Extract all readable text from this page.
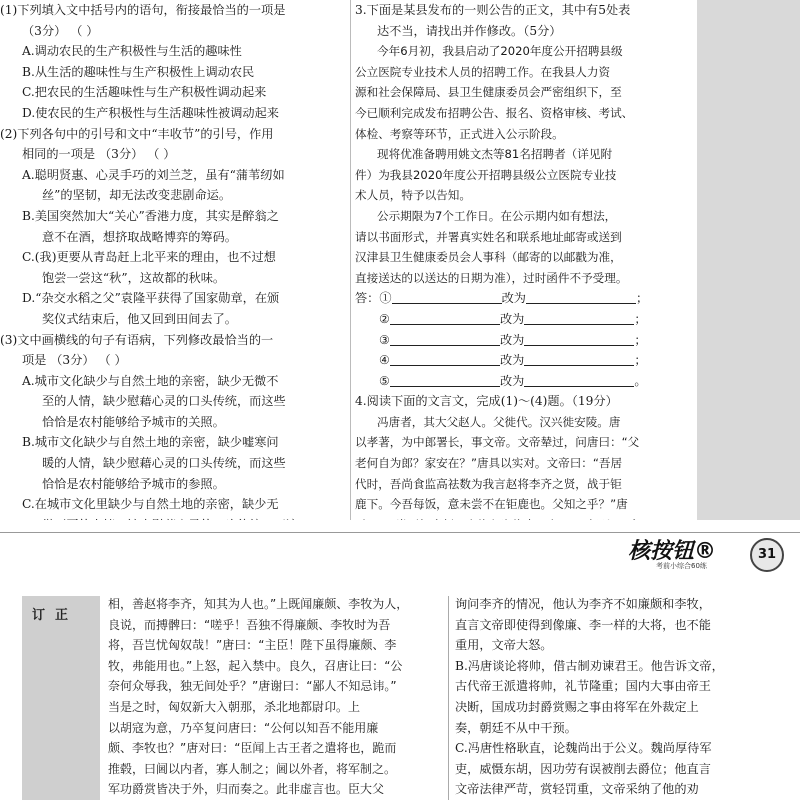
(1)下列填入文中括号内的语句，衔接最恰当的一项是

（3分） （ ）

A.调动农民的生产积极性与生活的趣味性

B.从生活的趣味性与生产积极性上调动农民

C.把农民的生活趣味性与生产积极性调动起来

D.使农民的生产积极性与生活趣味性被调动起来

(2)下列各句中的引号和文中“丰收节”的引号，作用

相同的一项是 （3分） （ ）

A.聪明贤惠、心灵手巧的刘兰芝，虽有“蒲苇纫如

丝”的坚韧，却无法改变悲剧命运。

B.美国突然加大“关心”香港力度，其实是醉翁之

意不在酒，想挤取战略博弈的筹码。

C.(我)更要从青岛赶上北平来的理由，也不过想

饱尝一尝这“秋”，这故都的秋味。

D.“杂交水稻之父”袁隆平获得了国家勋章，在颁

奖仪式结束后，他又回到田间去了。

(3)文中画横线的句子有语病，下列修改最恰当的一

项是 （3分） （ ）

A.城市文化缺少与自然土地的亲密，缺少无微不

至的人情，缺少慰藉心灵的口头传统，而这些

恰恰是农村能够给予城市的关照。

B.城市文化缺少与自然土地的亲密，缺少嘘寒问

暖的人情，缺少慰藉心灵的口头传统，而这些

恰恰是农村能够给予城市的参照。

C.在城市文化里缺少与自然土地的亲密，缺少无

3.下面是某县发布的一则公告的正文，其中有5处表

达不当，请找出并作修改。（5分）

今年6月初，我县启动了2020年度公开招聘县级

公立医院专业技术人员的招聘工作。在我县人力资

源和社会保障局、县卫生健康委员会严密组织下，至

今已顺利完成发布招聘公告、报名、资格审核、考试、

体检、考察等环节，正式进入公示阶段。

现将优准备聘用姚文杰等81名招聘者（详见附

件）为我县2020年度公开招聘县级公立医院专业技

术人员，特予以告知。

公示期限为7个工作日。在公示期内如有想法，

请以书面形式，并署真实姓名和联系地址邮寄或送到

汉津县卫生健康委员会人事科（邮寄的以邮戳为准，

直接送达的以送达的日期为准），过时函件不予受理。

答：①	改为	；
②	改为	；
③	改为	；
④	改为	；
⑤	改为	。

4.阅读下面的文言文，完成(1)～(4)题。（19分）

冯唐者，其大父赵人。父徙代。汉兴徙安陵。唐

以孝著，为中郎署长，事文帝。文帝辇过，问唐曰：“父

老何自为郎？家安在？”唐具以实对。文帝曰：“吾居

代时，吾尚食监高祛数为我言赵将李齐之贤，战于钜

鹿下。今吾每饭，意未尝不在钜鹿也。父知之乎？”唐

核按钮®
考前小综合60练
31
订正

相，善赵将李齐，知其为人也。”上既闻廉颇、李牧为人，

良说，而搏髀曰：“嗟乎！吾独不得廉颇、李牧时为吾

将，吾岂忧匈奴哉！”唐曰：“主臣！陛下虽得廉颇、李

牧，弗能用也。”上怒，起入禁中。良久，召唐让曰：“公

奈何众辱我，独无间处乎？”唐谢曰：“鄙人不知忌讳。”

当是之时，匈奴新大入朝那，杀北地都尉卬。上

以胡寇为意，乃卒复问唐曰：“公何以知吾不能用廉

颇、李牧也？”唐对曰：“臣闻上古王者之遣将也，跪而

推毂，曰阃以内者，寡人制之；阃以外者，将军制之。

军功爵赏皆决于外，归而奏之。此非虚言也。臣大父

询问李齐的情况，他认为李齐不如廉颇和李牧，

直言文帝即使得到像廉、李一样的大将，也不能

重用，文帝大怒。

B.冯唐谈论将帅，借古制劝谏君王。他告诉文帝，

古代帝王派遣将帅，礼节隆重；国内大事由帝王

决断，国成功封爵赏赐之事由将军在外裁定上

奏，朝廷不从中干预。

C.冯唐性格耿直，论魏尚出于公义。魏尚厚待军

吏，威慑东胡，因功劳有误被削去爵位；他直言

文帝法律严苛，赏轻罚重，文帝采纳了他的劝
